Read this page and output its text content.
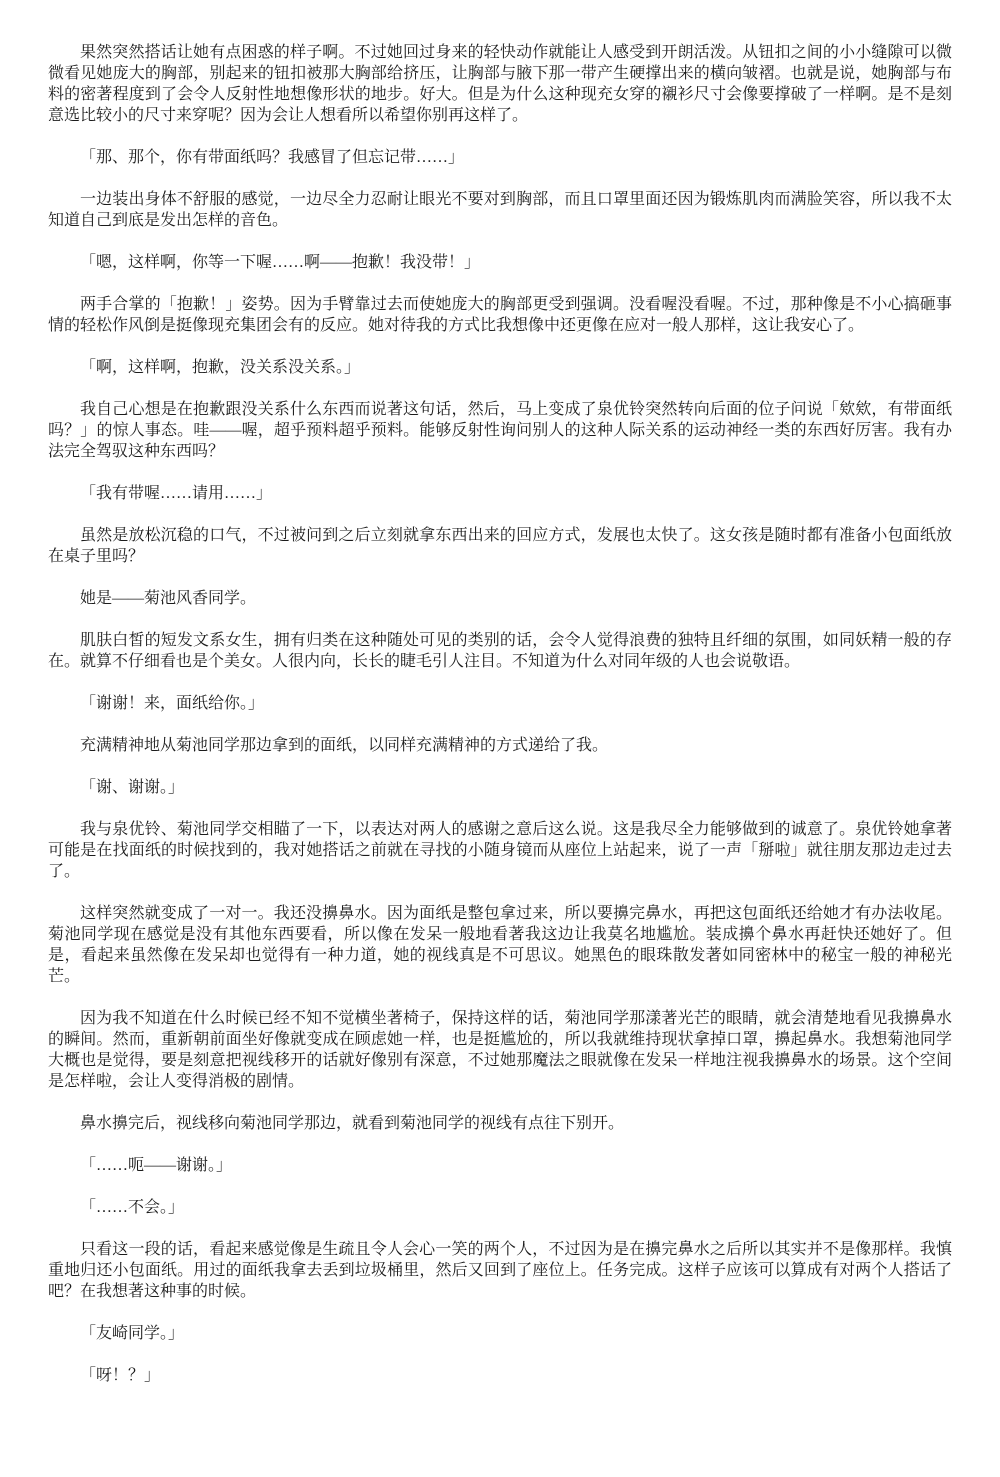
果然突然搭话让她有点困惑的样子啊。不过她回过身来的轻快动作就能让人感受到开朗活泼。从钮扣之间的小小缝隙可以微微看见她庞大的胸部，别起来的钮扣被那大胸部给挤压，让胸部与腋下那一带产生硬撑出来的横向皱褶。也就是说，她胸部与布料的密著程度到了会令人反射性地想像形状的地步。好大。但是为什么这种现充女穿的襯衫尺寸会像要撑破了一样啊。是不是刻意选比较小的尺寸来穿呢？因为会让人想看所以希望你别再这样了。

「那、那个，你有带面纸吗？我感冒了但忘记带……」

一边装出身体不舒服的感觉，一边尽全力忍耐让眼光不要对到胸部，而且口罩里面还因为锻炼肌肉而满脸笑容，所以我不太知道自己到底是发出怎样的音色。

「嗯，这样啊，你等一下喔……啊——抱歉！我没带！」

两手合掌的「抱歉！」姿势。因为手臂靠过去而使她庞大的胸部更受到强调。没看喔没看喔。不过，那种像是不小心搞砸事情的轻松作风倒是挺像现充集团会有的反应。她对待我的方式比我想像中还更像在应对一般人那样，这让我安心了。

「啊，这样啊，抱歉，没关系没关系。」

我自己心想是在抱歉跟没关系什么东西而说著这句话，然后，马上变成了泉优铃突然转向后面的位子问说「欸欸，有带面纸吗？」的惊人事态。哇——喔，超乎预料超乎预料。能够反射性询问别人的这种人际关系的运动神经一类的东西好厉害。我有办法完全驾驭这种东西吗？

「我有带喔……请用……」

虽然是放松沉稳的口气，不过被问到之后立刻就拿东西出来的回应方式，发展也太快了。这女孩是随时都有准备小包面纸放在桌子里吗？

她是——菊池风香同学。

肌肤白皙的短发文系女生，拥有归类在这种随处可见的类别的话，会令人觉得浪费的独特且纤细的氛围，如同妖精一般的存在。就算不仔细看也是个美女。人很内向，长长的睫毛引人注目。不知道为什么对同年级的人也会说敬语。

「谢谢！来，面纸给你。」

充满精神地从菊池同学那边拿到的面纸，以同样充满精神的方式递给了我。

「谢、谢谢。」

我与泉优铃、菊池同学交相瞄了一下，以表达对两人的感谢之意后这么说。这是我尽全力能够做到的诚意了。泉优铃她拿著可能是在找面纸的时候找到的，我对她搭话之前就在寻找的小随身镜而从座位上站起来，说了一声「掰啦」就往朋友那边走过去了。

这样突然就变成了一对一。我还没擤鼻水。因为面纸是整包拿过来，所以要擤完鼻水，再把这包面纸还给她才有办法收尾。菊池同学现在感觉是没有其他东西要看，所以像在发呆一般地看著我这边让我莫名地尴尬。装成擤个鼻水再赶快还她好了。但是，看起来虽然像在发呆却也觉得有一种力道，她的视线真是不可思议。她黑色的眼珠散发著如同密林中的秘宝一般的神秘光芒。

因为我不知道在什么时候已经不知不觉横坐著椅子，保持这样的话，菊池同学那漾著光芒的眼睛，就会清楚地看见我擤鼻水的瞬间。然而，重新朝前面坐好像就变成在顾虑她一样，也是挺尴尬的，所以我就维持现状拿掉口罩，擤起鼻水。我想菊池同学大概也是觉得，要是刻意把视线移开的话就好像别有深意，不过她那魔法之眼就像在发呆一样地注视我擤鼻水的场景。这个空间是怎样啦，会让人变得消极的剧情。

鼻水擤完后，视线移向菊池同学那边，就看到菊池同学的视线有点往下别开。

「……呃——谢谢。」

「……不会。」

只看这一段的话，看起来感觉像是生疏且令人会心一笑的两个人，不过因为是在擤完鼻水之后所以其实并不是像那样。我慎重地归还小包面纸。用过的面纸我拿去丢到垃圾桶里，然后又回到了座位上。任务完成。这样子应该可以算成有对两个人搭话了吧？在我想著这种事的时候。

「友崎同学。」

「呀！？」
